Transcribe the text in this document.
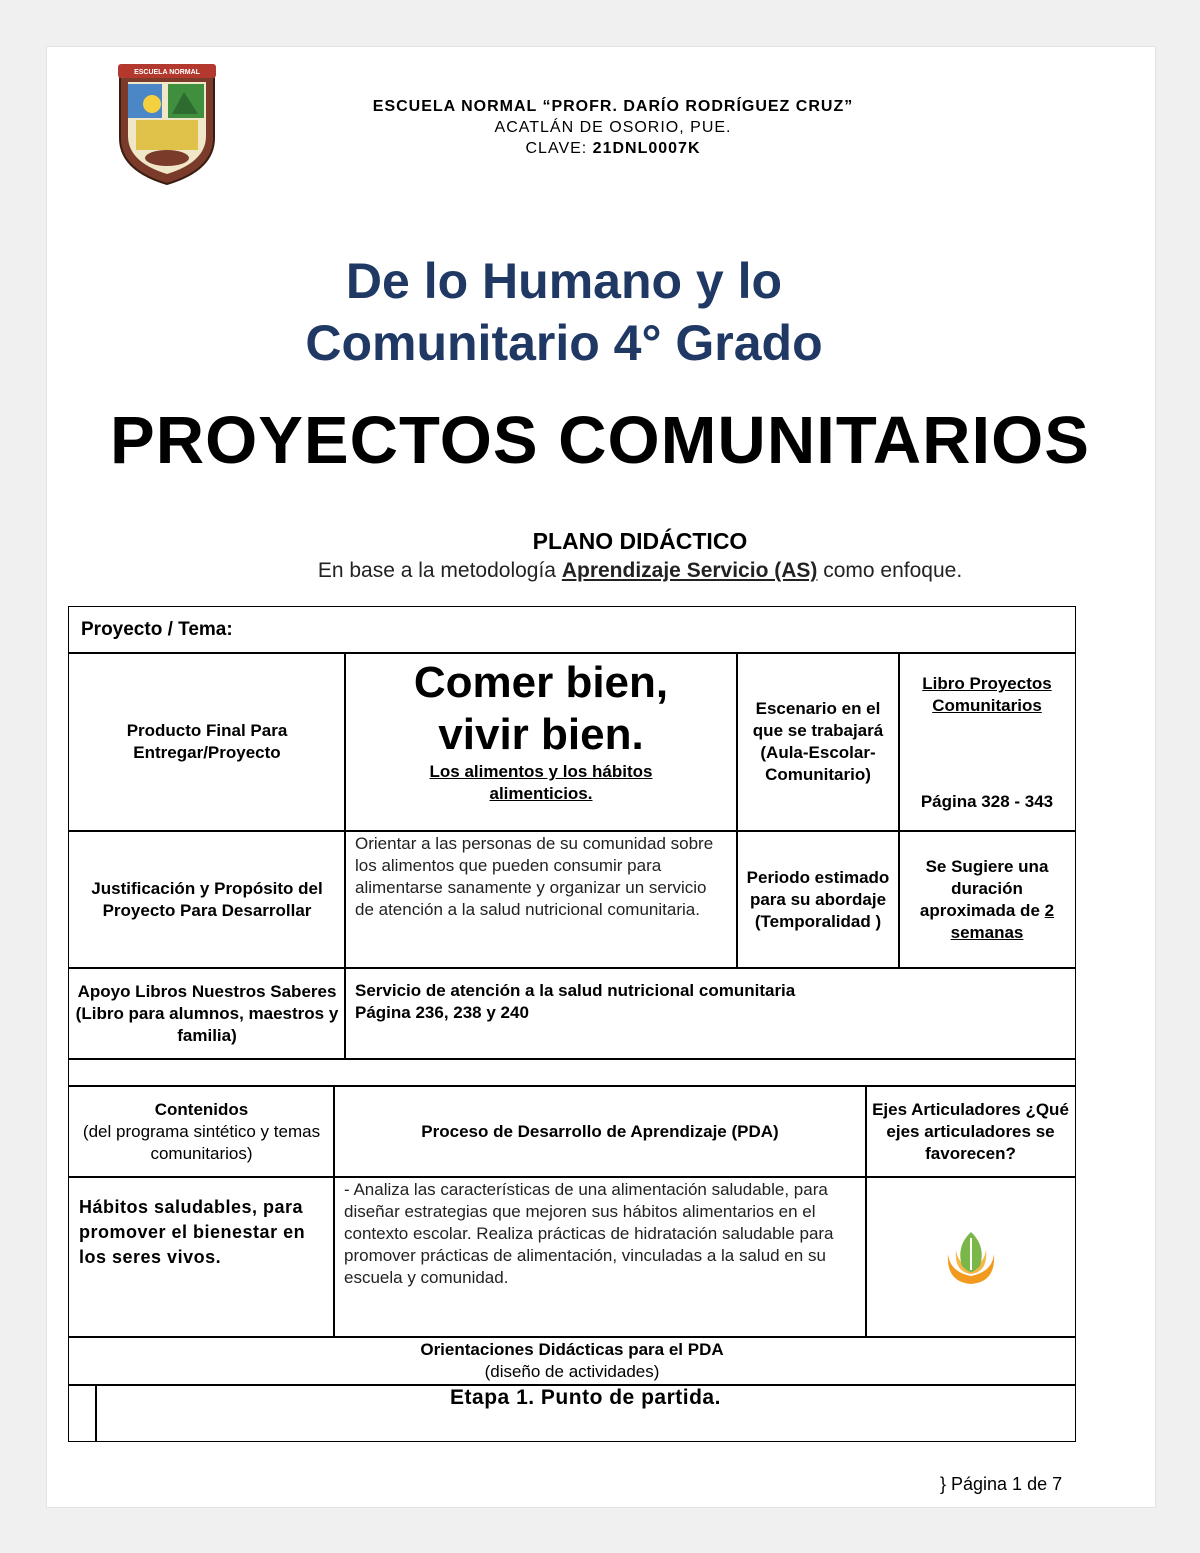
ESCUELA NORMAL
ESCUELA NORMAL “PROFR. DARÍO RODRÍGUEZ CRUZ”
ACATLÁN DE OSORIO, PUE.
CLAVE: 21DNL0007K
De lo Humano y lo
Comunitario 4° Grado
PROYECTOS COMUNITARIOS
PLANO DIDÁCTICO
En base a la metodología Aprendizaje Servicio (AS) como enfoque.
Proyecto / Tema:
Producto Final Para Entregar/Proyecto
Comer bien,
vivir bien.
Los alimentos y los hábitos alimenticios.
Escenario en el que se trabajará (Aula-Escolar-Comunitario)
Libro Proyectos Comunitarios
Página 328 - 343
Justificación y Propósito del Proyecto Para Desarrollar
Orientar a las personas de su comunidad sobre los alimentos que pueden consumir para alimentarse sanamente y organizar un servicio de atención a la salud nutricional comunitaria.
Periodo estimado para su abordaje (Temporalidad )
Se Sugiere una duración aproximada de 2 semanas
Apoyo Libros Nuestros Saberes
(Libro para alumnos, maestros y familia)
Servicio de atención a la salud nutricional comunitaria
Página 236, 238 y 240
Contenidos
(del programa sintético y temas comunitarios)
Proceso de Desarrollo de Aprendizaje (PDA)
Ejes Articuladores ¿Qué ejes articuladores se favorecen?
Hábitos saludables, para promover el bienestar en los seres vivos.
- Analiza las características de una alimentación saludable, para diseñar estrategias que mejoren sus hábitos alimentarios en el contexto escolar. Realiza prácticas de hidratación saludable para promover prácticas de alimentación, vinculadas a la salud en su escuela y comunidad.
Orientaciones Didácticas para el PDA
(diseño de actividades)
Etapa 1. Punto de partida.
} Página 1 de 7
